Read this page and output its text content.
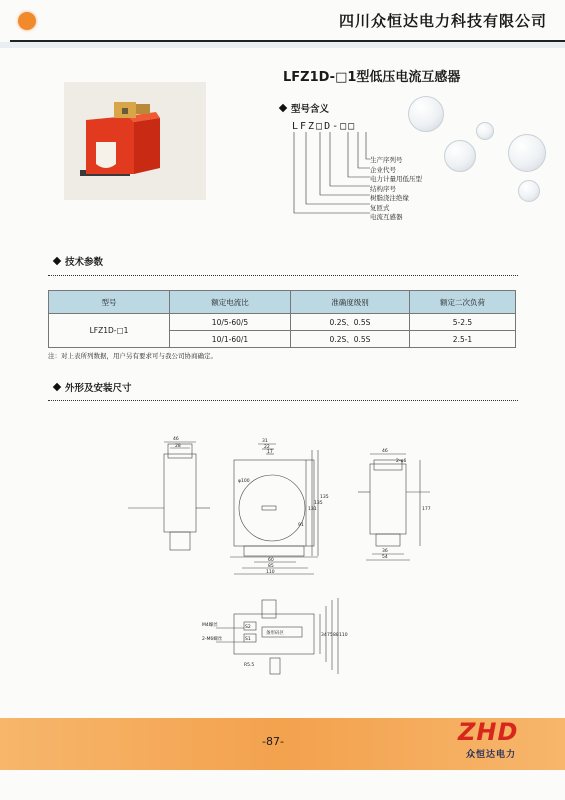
四川众恒达电力科技有限公司
LFZ1D-□1型低压电流互感器
型号含义
LFZ□D-□□
生产序列号
企业代号
电力计量用低压型
结构序号
树脂浇注绝缘
复匝式
电流互感器
技术参数
型号	额定电流比	准确度级别	额定二次负荷
LFZ1D-□1	10/5-60/5	0.2S、0.5S	5-2.5
	10/1-60/1	0.2S、0.5S	2.5-1
注：对上表所列数据，用户另有要求可与我公司协商确定。
外形及安装尺寸
46
28
31
22
17
φ100
91
131
135
135
60
85
110
46
2-φ6
177
36
54
S2
S1
条形码区	34 75 88 110
M4螺丝
2-M6螺丝
R5.5
-87-	ZHD
众恒达电力
